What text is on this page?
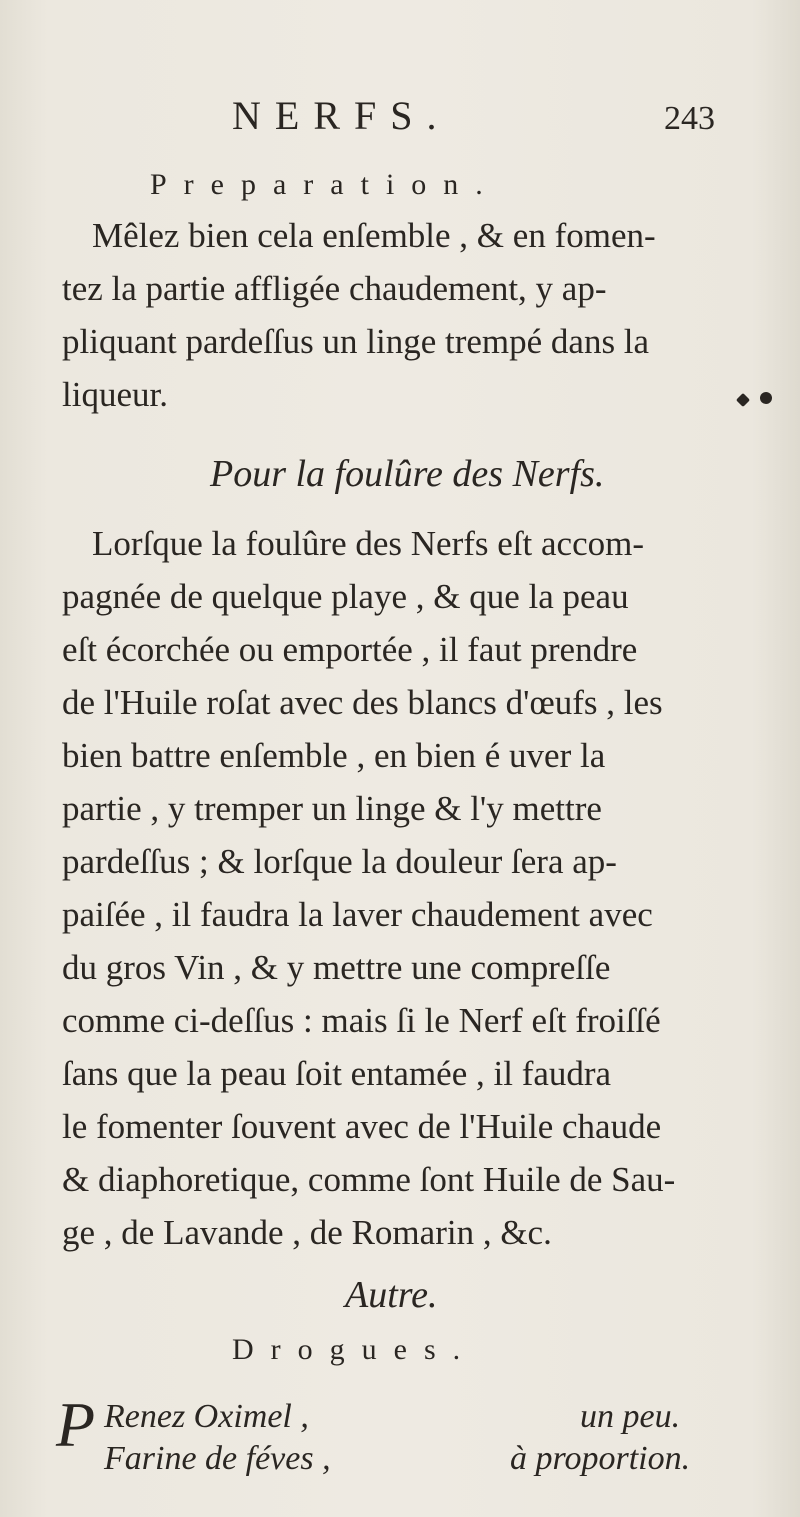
NERFS.	243
Preparation.
Mêlez bien cela enſemble , & en fomen-
tez la partie affligée chaudement, y ap-
pliquant pardeſſus un linge trempé dans la
liqueur.
Pour la foulûre des Nerfs.
Lorſque la foulûre des Nerfs eſt accom-
pagnée de quelque playe , & que la peau
eſt écorchée ou emportée , il faut prendre
de l'Huile roſat avec des blancs d'œufs , les
bien battre enſemble , en bien é uver la
partie , y tremper un linge & l'y mettre
pardeſſus ; & lorſque la douleur ſera ap-
paiſée , il faudra la laver chaudement avec
du gros Vin , & y mettre une compreſſe
comme ci-deſſus : mais ſi le Nerf eſt froiſſé
ſans que la peau ſoit entamée , il faudra
le fomenter ſouvent avec de l'Huile chaude
& diaphoretique, comme ſont Huile de Sau-
ge , de Lavande , de Romarin , &c.
Autre.
Drogues.
P Renez Oximel ,	un peu.
Farine de féves ,	à proportion.
